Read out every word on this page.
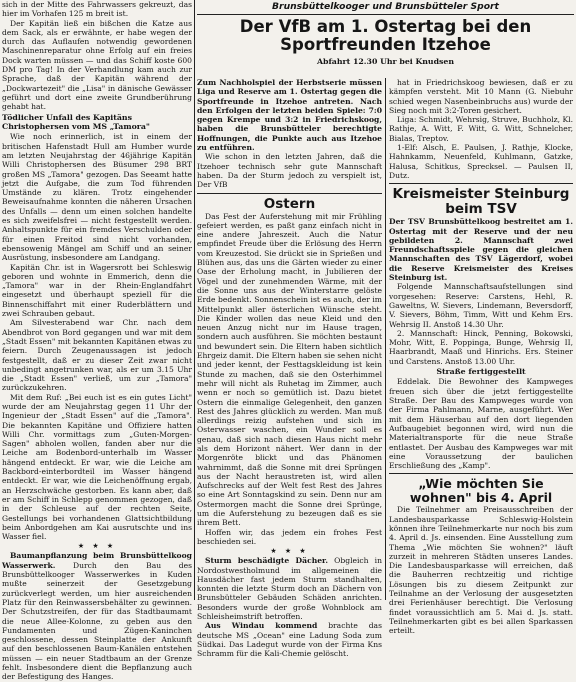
sich in der Mitte des Fahrwassers gekreuzt, das hier im Vorhafen 125 m breit ist.

Der Kapitän ließ ein bißchen die Katze aus dem Sack, als er erwähnte, er habe wegen der durch das Auflaufen notwendig gewordenen Maschinenreparatur ohne Erfolg auf ein freies Dock warten müssen — und das Schiff koste 600 DM pro Tag! In der Verhandlung kam auch zur Sprache, daß der Kapitän während der „Dockwartezeit" die „Lisa" in dänische Gewässer geführt und dort eine zweite Grundberührung gehabt hat.

Tödlicher Unfall des Kapitäns Christophersen vom MS „Tamora"

Wie noch erinnerlich, ist in einem der britischen Hafenstadt Hull am Humber wurde am letzten Neujahrstag der 46jährige Kapitän Willi Christophersen des Büsumer 298 BRT großen MS „Tamora" gezogen. Das Seeamt hatte jetzt die Aufgabe, die zum Tod führenden Umstände zu klären. Trotz eingehender Beweisaufnahme konnten die näheren Ursachen des Unfalls — denn um einen solchen handelte es sich zweifelsfrei — nicht festgestellt werden. Anhaltspunkte für ein fremdes Verschulden oder für einen Freitod sind nicht vorhanden, ebensowenig Mängel am Schiff und an seiner Ausrüstung, insbesondere am Landgang.

Kapitän Chr. ist in Wagersrott bei Schleswig geboren und wohnte in Emmerich, denn die „Tamora" war in der Rhein-Englandfahrt eingesetzt und überhaupt speziell für die Binnenschiffahrt mit einer Ruderblättern und zwei Schrauben gebaut.

Am Silvesterabend war Chr. nach dem Abendbrot von Bord gegangen und war mit dem „Stadt Essen" mit bekannten Kapitänen etwas zu feiern. Durch Zeugenaussagen ist jedoch festgestellt, daß er zu dieser Zeit zwar nicht unbedingt angetrunken war, als er um 3.15 Uhr die „Stadt Essen" verließ, um zur „Tamora" zurückzukehren.

Mit dem Ruf: „Bei euch ist es ein gutes Licht" wurde der am Neujahrstag gegen 11 Uhr der Ingenieur der „Stadt Essen" auf die „Tamora". Die bekannten Kapitäne und Offiziere hatten Willi Chr. vormittags zum „Guten-Morgen-Sagen" abholen wollen, fanden aber nur die Leiche am Bodenbord-unterhalb im Wasser hängend entdeckt. Er war, wie die Leiche am Backbord-einterbordteil im Wasser hängend entdeckt. Er war, wie die Leichenöffnung ergab, an Herzschwäche gestorben. Es kann aber, daß er am Schiff in Schlepp genommen gezogen, daß in der Schleuse auf der rechten Seite, Gestellungs bei vorhandenen Glattsichtbildung beim Anbordgehen am Kai ausrutschte und ins Wasser fiel.

★ ★ ★

Baumanpflanzung beim Brunsbüttelkoog Wasserwerk. Durch den Bau des Brunsbüttelkooger Wasserwerkes in Kuden mußte seinerzeit der Gesetzgebung zurückverlegt werden, um hier ausreichenden Platz für den Reinwassersbehälter zu gewinnen. Der Schutzstreifen, der für das Stadtbaumamt die neue Allee-Kolonne, zu geben aus den Fundamenten und Zügen-Kaninchen geschlossene, dessen Steinplatte der Ankunft auf den beschlossenen Baum-Kanälen entstehen müssen — ein neuer Stadtbaum an der Grenze fehlt. Insbesondere dient die Bepflanzung auch der Befestigung des Hanges.

Brunsbüttelkooger und Brunsbütteler Sport
Der VfB am 1. Ostertag bei den Sportfreunden Itzehoe
Abfahrt 12.30 Uhr bei Knudsen

Zum Nachholspiel der Herbstserie müssen Liga und Reserve am 1. Ostertag gegen die Sportfreunde in Itzehoe antreten. Nach den Erfolgen der letzten beiden Spiele: 7:0 gegen Krempe und 3:2 in Friedrichskoog, haben die Brunsbütteler berechtigte Hoffnungen, die Punkte auch aus Itzehoe zu entführen.

Wie schon in den letzten Jahren, daß die Itzehoer technisch sehr gute Mannschaft haben. Da der Sturm jedoch zu verspielt ist, Der VfB

Ostern

Das Fest der Auferstehung mit mir Frühling gefeiert werden, es paßt ganz einfach nicht in eine andere Jahreszeit. Auch die Natur empfindet Freude über die Erlösung des Herrn vom Kreuzestod. Sie drückt sie in Sprießen und Blühen aus, das uns die Gärten wieder zu einer Oase der Erholung macht, in Jubilieren der Vögel und der zunehmenden Wärme, mit der die Sonne uns aus der Winterstarre gelöste Erde bedenkt. Sonnenschein ist es auch, der im Mittelpunkt aller österlichen Wünsche steht. Die Kinder wollen das neue Kleid und den neuen Anzug nicht nur im Hause tragen, sondern auch ausführen. Sie möchten bestaunt und bewundert sein. Die Eltern haben sichtlich Ehrgeiz damit. Die Eltern haben sie sehen nicht und jeder kennt, der Festtagskleidung ist kein Stunde zu machen, daß sie den Osterhimmel mehr will nicht als Ruhetag im Zimmer, auch wenn er noch so gemütlich ist. Dazu bietet Ostern die einmalige Gelegenheit, den ganzen Rest des Jahres glücklich zu werden. Man muß allerdings reizig aufstehen und sich im Osterwasser waschen, ein Wunder soll es genau, daß sich nach diesen Haus nicht mehr als dem Horizont nähert. Wer dann in der Morgenröte blickt und das Phänomen wahrnimmt, daß die Sonne mit drei Sprüngen aus der Nacht heraustreten ist, wird allen Aufschrecks auf der Welt fest Rest des Jahres so eine Art Sonntagskind zu sein. Denn nur am Ostermorgen macht die Sonne drei Sprünge, um die Auferstehung zu bezeugen daß es sie ihrem Bett.

Hoffen wir, das jedem ein frohes Fest beschieden sei.

★ ★ ★

Sturm beschädigte Dächer. Obgleich in Nordostwestholmund im allgemeinen die Hausdächer fast jedem Sturm standhalten, konnten die letzte Sturm doch an Dächern von Brunsbütteler Gebäuden Schäden anrichten. Besonders wurde der große Wohnblock am Schleisheimstrift betroffen.

Aus Windau kommend brachte das deutsche MS „Ocean" eine Ladung Soda zum Südkai. Das Ladegut wurde von der Firma Kns Schramm für die Kali-Chemie gelöscht.

hat in Friedrichskoog bewiesen, daß er zu kämpfen versteht. Mit 10 Mann (G. Niebuhr schied wegen Nasenbeinbruchs aus) wurde der Sieg noch mit 3:2-Toren gesichert.

Liga: Schmidt, Wehrsig, Struve, Buchholz, Kl. Rathje, A. Witt, F. Witt, G. Witt, Schnelcher, Bialas, Treptov.

1-Elf: Alsch, E. Paulsen, J. Rathje, Klocke, Hahnkamm, Neuenfeld, Kuhlmann, Gatzke, Halusa, Schitkus, Sprecksel. — Paulsen II, Dutz.

Kreismeister Steinburg beim TSV

Der TSV Brunsbüttelkoog bestreitet am 1. Ostertag mit der Reserve und der neu gebildeten 2. Mannschaft zwei Freundschaftsspiele gegen die gleichen Mannschaften des TSV Lägerdorf, wobei die Reserve Kreismeister des Kreises Steinburg ist.

Folgende Mannschaftsaufstellungen sind vorgesehen: Reserve: Carstens, Hehl, R. Gaweltns, W. Sievers, Lindemann, Beversdorff, V. Sievers, Böhm, Timm, Witt und Kehm Ers. Wehrsig II. Anstoß 14.30 Uhr.

2. Mannschaft: Hinck, Penning, Bokowski, Mohr, Witt, E. Poppinga, Bunge, Wehrsig II, Haarbrandt, Maaß und Hinrichs. Ers. Steiner und Carstens. Anstoß 13.00 Uhr.

Straße fertiggestellt

Eddelak. Die Bewohner des Kampweges freuen sich über die jetzt fertiggestellte Straße. Der Bau des Kampweges wurde von der Firma Pahlmann, Marne, ausgeführt. Wer mit dem Häuserbau auf den dort liegenden Aufbaugebiet begonnen wird, wird nun die Materialtransporte für die neue Straße entlastet. Der Ausbau des Kampweges war mit eine Voraussetzung der baulichen Erschließung des „Kamp".

„Wie möchten Sie wohnen" bis 4. April

Die Teilnehmer am Preisausschreiben der Landesbausparkasse Schleswig-Holstein können ihre Teilnehmerkarte nur noch bis zum 4. April d. Js. einsenden. Eine Ausstellung zum Thema „Wie möchten Sie wohnen?" läuft zurzeit in mehreren Städten unseres Landes. Die Landesbausparkasse will erreichen, daß die Bauherren rechtzeitig und richtige Lösungen bis zu diesem Zeitpunkt zur Teilnahme an der Verlosung der ausgesetzten drei Ferienhäuser berechtigt. Die Verlosung findet voraussichtlich am 5. Mai d. Js. statt. Teilnehmerkarten gibt es bei allen Sparkassen erteilt.
